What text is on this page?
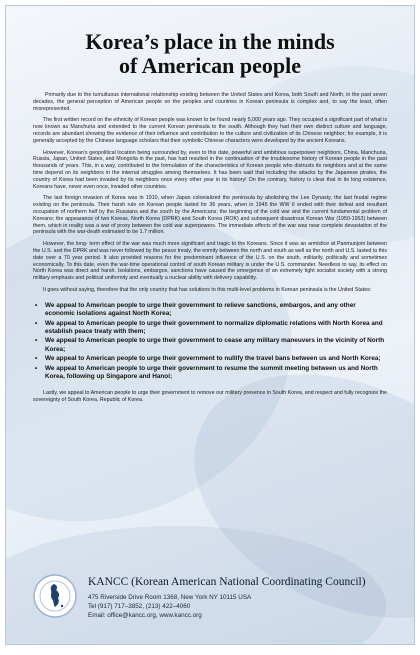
Korea’s place in the minds
of American people

Primarily due to the tumultuous international relationship existing between the United States and Korea, both South and North, in the past seven decades, the general perception of American people on the peoples and countries in Korean peninsula is complex and, to say the least, often misrepresented.

The first written record on the ethnicity of Korean people was known to be found nearly 5,000 years ago. They occupied a significant part of what is now known as Manchuria and extended to the current Korean peninsula to the south. Although they had their own distinct culture and language, records are abundant showing the evidence of their influence and contribution to the culture and civilization of its Chinese neighbor; for example, it is generally accepted by the Chinese language scholars that their symbolic Chinese characters were developed by the ancient Koreans.

However, Korean’s geopolitical location being surrounded by, even to this date, powerful and ambitious superpower neighbors, China, Manchuria, Russia, Japan, United States, and Mongolia in the past, has had resulted in the continuation of the troublesome history of Korean people in the past thousands of years. This, in a way, contributed to the formulation of the characteristics of Korean people who distrusts its neighbors and at the same time depend on its neighbors in the internal struggles among themselves. It has been said that including the attacks by the Japanese pirates, the country of Korea had been invaded by its neighbors once every other year in its history! On the contrary, history is clear that in its long existence, Koreans have, never even once, invaded other countries.

The last foreign invasion of Korea was in 1910, when Japan colonialized the peninsula by abolishing the Lee Dynasty, the last feudal regime existing on the peninsula. Their harsh rule on Korean people lasted for 36 years, when in 1945 the WW II ended with their defeat and resultant occupation of northern half by the Russians and the south by the Americans; the beginning of the cold war and the current fundamental problem of Koreans; the appearance of two Koreas, North Korea (DPRK) and South Korea (ROK) and subsequent disastrous Korean War (1950-1953) between them, which in reality was a war of proxy between the cold war superpowers. The immediate effects of the war was near complete devastation of the peninsula with the war-death estimated to be 1.7 million.

However, the long- term effect of the war was much more significant and tragic to the Koreans. Since it was an armistice at Panmunjom between the U.S. and the DPRK and was never followed by the peace treaty, the enmity between the north and south as well as the north and U.S. lasted to this date over a 70 year period. It also provided reasons for the predominant influence of the U.S. on the south, militarily, politically and sometimes economically. To this date, even the war-time operational control of south Korean military is under the U.S. commander. Needless to say, its effect on North Korea was direct and harsh. Isolations, embargos, sanctions have caused the emergence of an extremely tight socialist society with a strong military emphasis and political uniformity and eventually a nuclear ability with delivery capability.

It goes without saying, therefore that the only country that has solutions to this multi-level problems in Korean peninsula is the United States:

• We appeal to American people to urge their government to relieve sanctions, embargos, and any other economic isolations against North Korea;
• We appeal to American people to urge their government to normalize diplomatic relations with North Korea and establish peace treaty with them;
• We appeal to American people to urge their government to cease any military maneuvers in the vicinity of North Korea;
• We appeal to American people to urge their government to nullify the travel bans between us and North Korea;
• We appeal to American people to urge their government to resume the summit meeting between us and North Korea, following up Singapore and Hanoi;

Lastly, we appeal to American people to urge their government to remove our military presence in South Korea, and respect and fully recognize the sovereignty of South Korea, Republic of Korea.

KANCC (Korean American National Coordinating Council)
475 Riverside Drive Room 1368, New York NY 10115 USA
Tel (917) 717–3852, (213) 422–4060
Email: office@kancc.org, www.kancc.org
